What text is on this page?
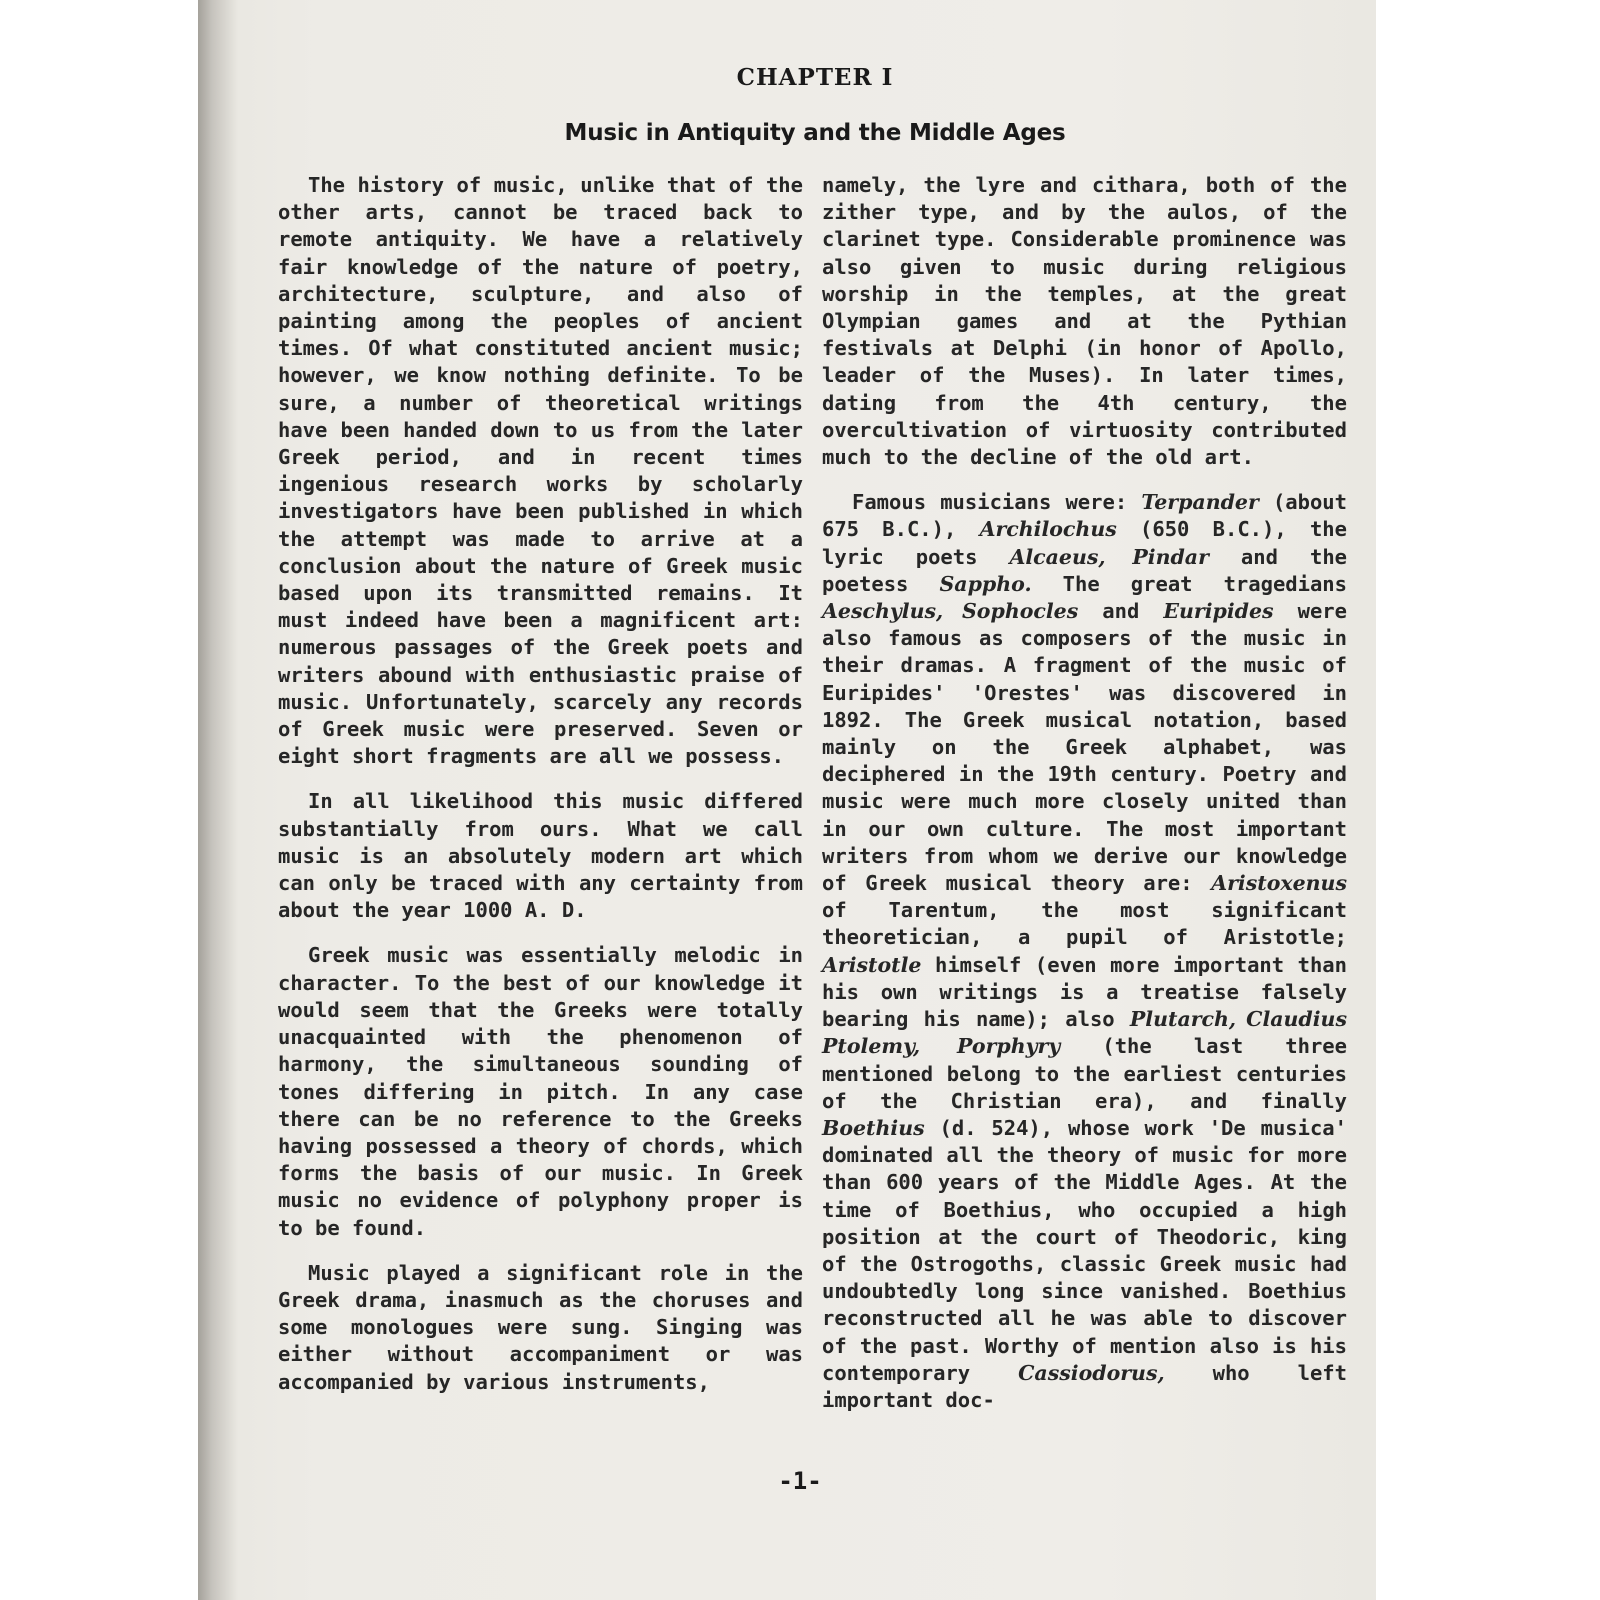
CHAPTER I
Music in Antiquity and the Middle Ages

The history of music, unlike that of the other arts, cannot be traced back to remote antiquity. We have a relatively fair knowledge of the nature of poetry, architecture, sculpture, and also of painting among the peoples of ancient times. Of what constituted ancient music; however, we know nothing definite. To be sure, a number of theoretical writings have been handed down to us from the later Greek period, and in recent times ingenious research works by scholarly investigators have been published in which the attempt was made to arrive at a conclusion about the nature of Greek music based upon its transmitted remains. It must indeed have been a magnificent art: numerous passages of the Greek poets and writers abound with enthusiastic praise of music. Unfortunately, scarcely any records of Greek music were preserved. Seven or eight short fragments are all we possess.

In all likelihood this music differed substantially from ours. What we call music is an absolutely modern art which can only be traced with any certainty from about the year 1000 A. D.

Greek music was essentially melodic in character. To the best of our knowledge it would seem that the Greeks were totally unacquainted with the phenomenon of harmony, the simultaneous sounding of tones differing in pitch. In any case there can be no reference to the Greeks having possessed a theory of chords, which forms the basis of our music. In Greek music no evidence of polyphony proper is to be found.

Music played a significant role in the Greek drama, inasmuch as the choruses and some monologues were sung. Singing was either without accompaniment or was accompanied by various instruments,

namely, the lyre and cithara, both of the zither type, and by the aulos, of the clarinet type. Considerable prominence was also given to music during religious worship in the temples, at the great Olympian games and at the Pythian festivals at Delphi (in honor of Apollo, leader of the Muses). In later times, dating from the 4th century, the overcultivation of virtuosity contributed much to the decline of the old art.

Famous musicians were: Terpander (about 675 B.C.), Archilochus (650 B.C.), the lyric poets Alcaeus, Pindar and the poetess Sappho. The great tragedians Aeschylus, Sophocles and Euripides were also famous as composers of the music in their dramas. A fragment of the music of Euripides' 'Orestes' was discovered in 1892. The Greek musical notation, based mainly on the Greek alphabet, was deciphered in the 19th century. Poetry and music were much more closely united than in our own culture. The most important writers from whom we derive our knowledge of Greek musical theory are: Aristoxenus of Tarentum, the most significant theoretician, a pupil of Aristotle; Aristotle himself (even more important than his own writings is a treatise falsely bearing his name); also Plutarch, Claudius Ptolemy, Porphyry (the last three mentioned belong to the earliest centuries of the Christian era), and finally Boethius (d. 524), whose work 'De musica' dominated all the theory of music for more than 600 years of the Middle Ages. At the time of Boethius, who occupied a high position at the court of Theodoric, king of the Ostrogoths, classic Greek music had undoubtedly long since vanished. Boethius reconstructed all he was able to discover of the past. Worthy of mention also is his contemporary Cassiodorus, who left important doc-

-1-
